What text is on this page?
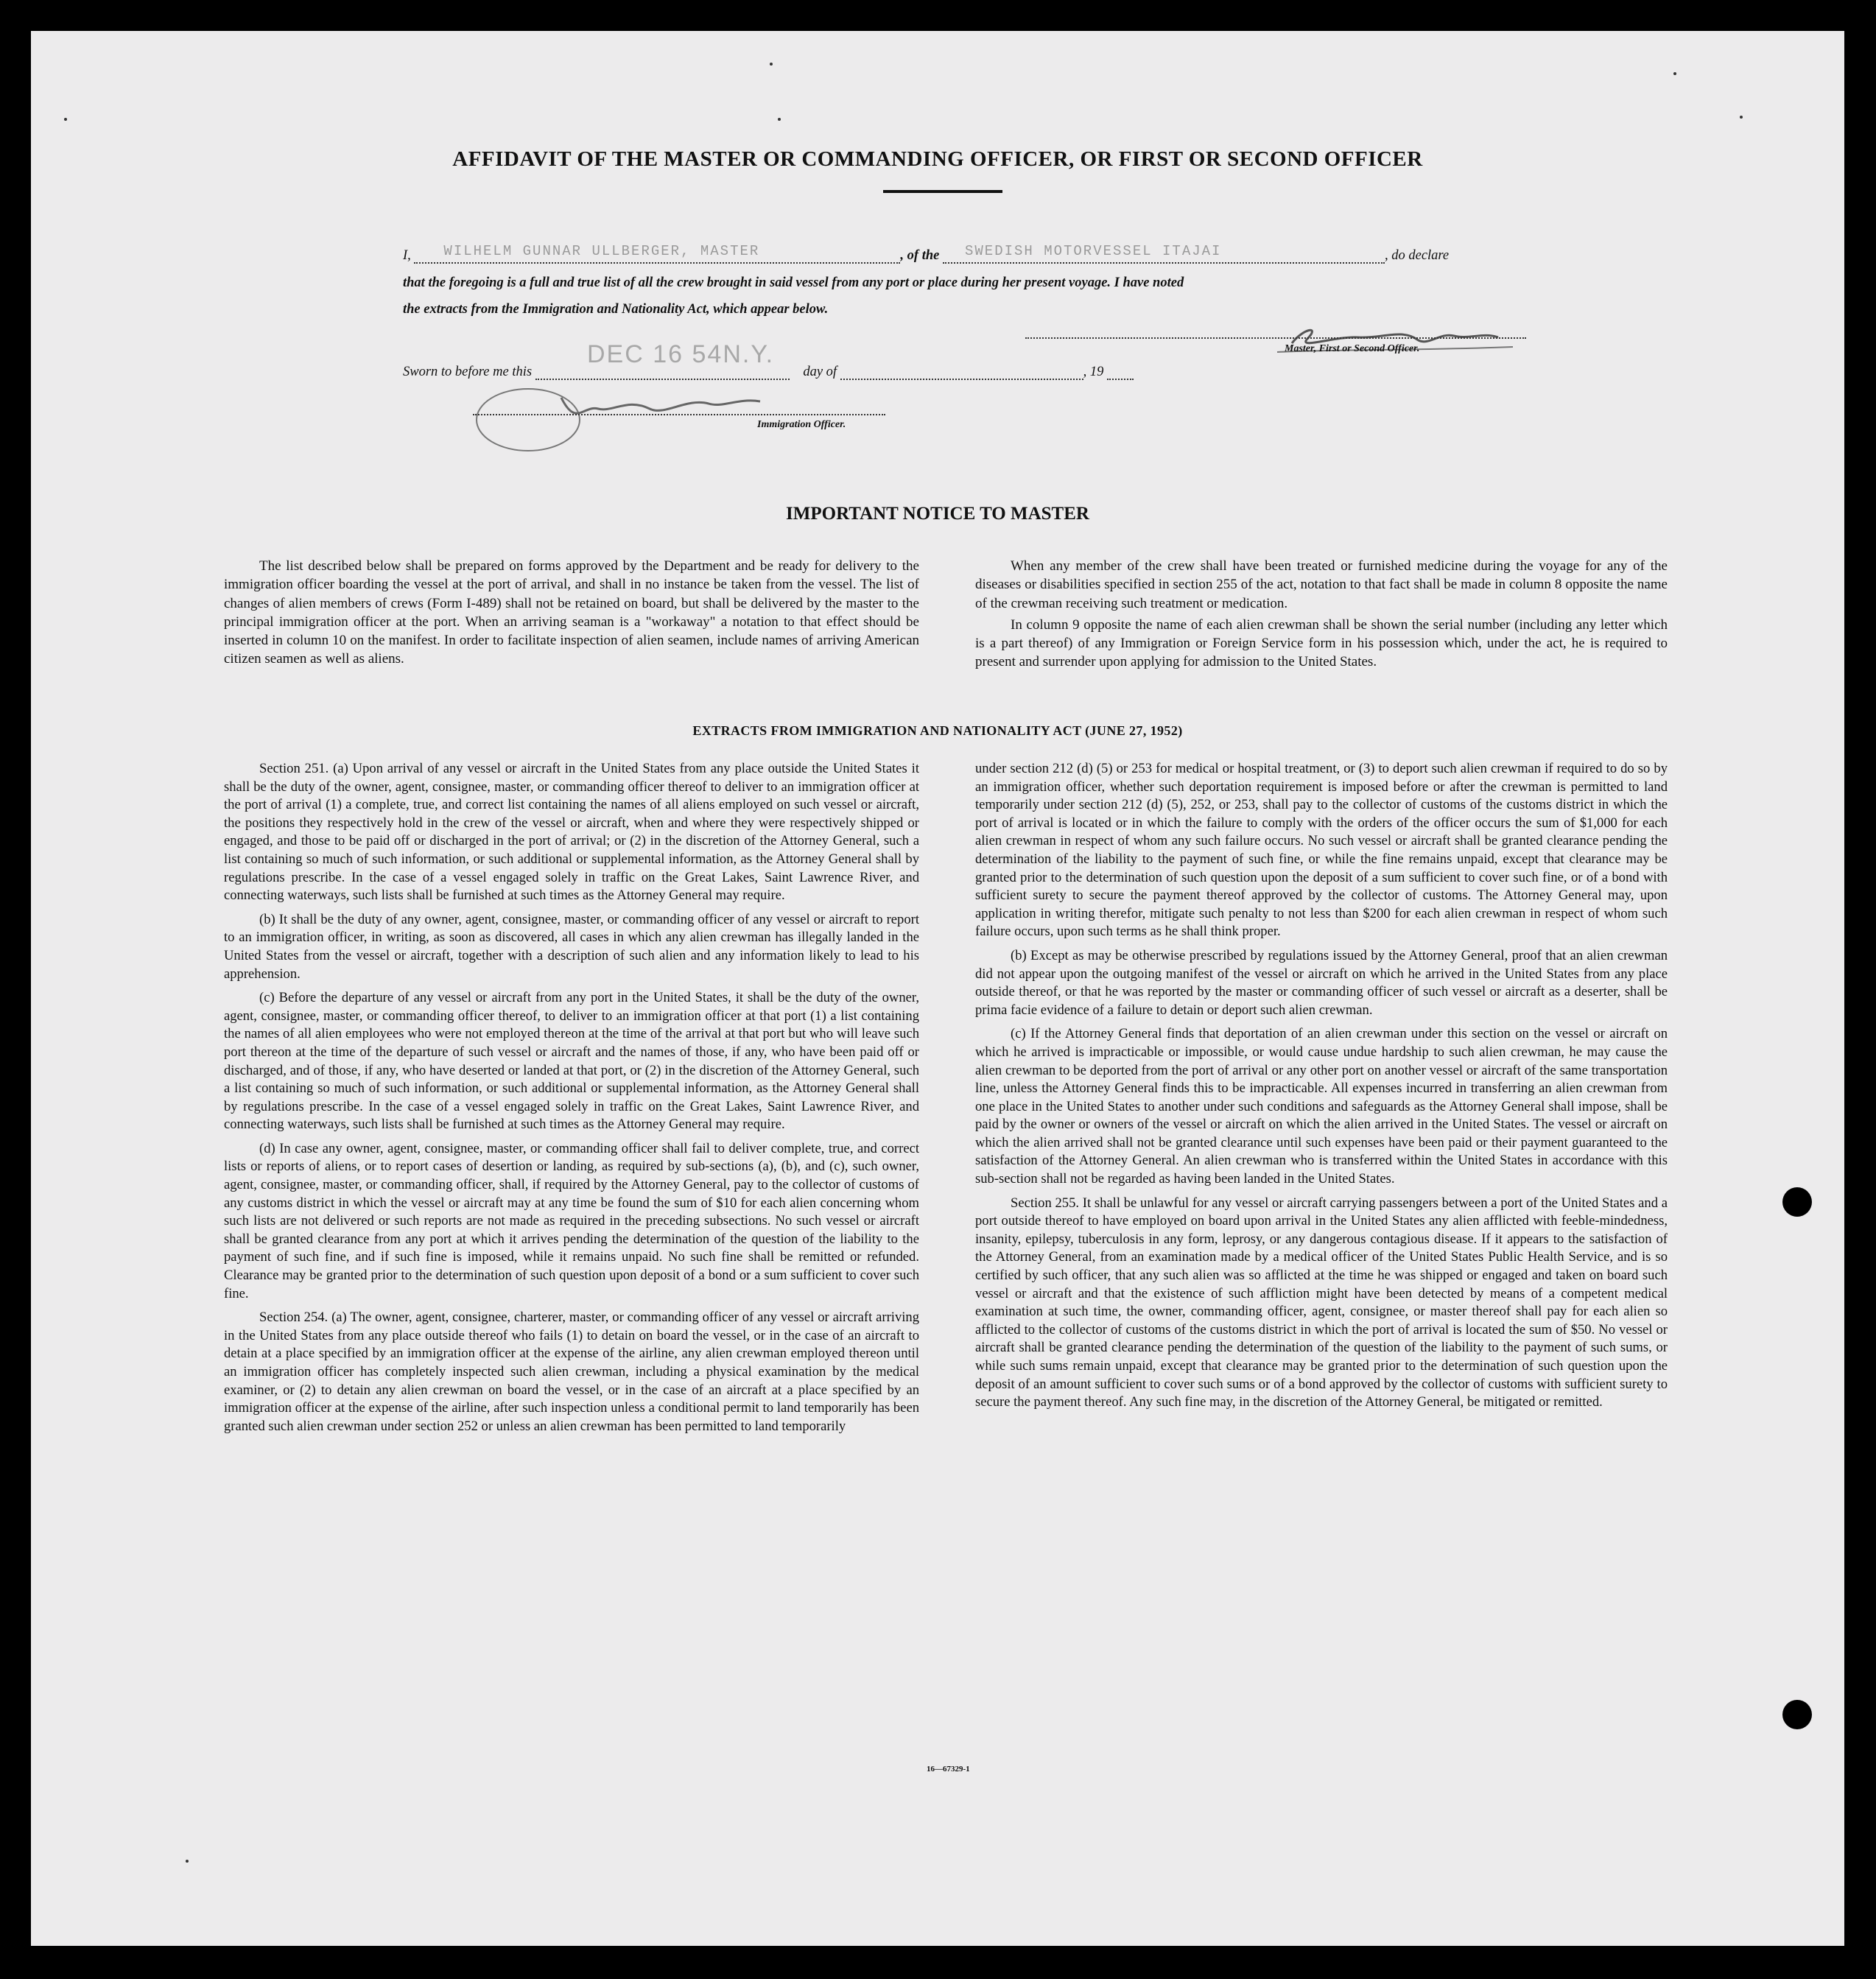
AFFIDAVIT OF THE MASTER OR COMMANDING OFFICER, OR FIRST OR SECOND OFFICER
I, WILHELM GUNNAR ULLBERGER, MASTER	, of the SWEDISH MOTORVESSEL ITAJAI	, do declare
that the foregoing is a full and true list of all the crew brought in said vessel from any port or place during her present voyage. I have noted
the extracts from the Immigration and Nationality Act, which appear below.
Master, First or Second Officer.
DEC 16 54N.Y.
Sworn to before me this	day of	, 19
Immigration Officer.
IMPORTANT NOTICE TO MASTER

The list described below shall be prepared on forms approved by the Department and be ready for delivery to the immigration officer boarding the vessel at the port of arrival, and shall in no instance be taken from the vessel. The list of changes of alien members of crews (Form I-489) shall not be retained on board, but shall be delivered by the master to the principal immigration officer at the port. When an arriving seaman is a "workaway" a notation to that effect should be inserted in column 10 on the manifest. In order to facilitate inspection of alien seamen, include names of arriving American citizen seamen as well as aliens.

When any member of the crew shall have been treated or furnished medicine during the voyage for any of the diseases or disabilities specified in section 255 of the act, notation to that fact shall be made in column 8 opposite the name of the crewman receiving such treatment or medication.

In column 9 opposite the name of each alien crewman shall be shown the serial number (including any letter which is a part thereof) of any Immigration or Foreign Service form in his possession which, under the act, he is required to present and surrender upon applying for admission to the United States.

EXTRACTS FROM IMMIGRATION AND NATIONALITY ACT (JUNE 27, 1952)

Section 251. (a) Upon arrival of any vessel or aircraft in the United States from any place outside the United States it shall be the duty of the owner, agent, consignee, master, or commanding officer thereof to deliver to an immigration officer at the port of arrival (1) a complete, true, and correct list containing the names of all aliens employed on such vessel or aircraft, the positions they respectively hold in the crew of the vessel or aircraft, when and where they were respectively shipped or engaged, and those to be paid off or discharged in the port of arrival; or (2) in the discretion of the Attorney General, such a list containing so much of such information, or such additional or supplemental information, as the Attorney General shall by regulations prescribe. In the case of a vessel engaged solely in traffic on the Great Lakes, Saint Lawrence River, and connecting waterways, such lists shall be furnished at such times as the Attorney General may require.

(b) It shall be the duty of any owner, agent, consignee, master, or commanding officer of any vessel or aircraft to report to an immigration officer, in writing, as soon as discovered, all cases in which any alien crewman has illegally landed in the United States from the vessel or aircraft, together with a description of such alien and any information likely to lead to his apprehension.

(c) Before the departure of any vessel or aircraft from any port in the United States, it shall be the duty of the owner, agent, consignee, master, or commanding officer thereof, to deliver to an immigration officer at that port (1) a list containing the names of all alien employees who were not employed thereon at the time of the arrival at that port but who will leave such port thereon at the time of the departure of such vessel or aircraft and the names of those, if any, who have been paid off or discharged, and of those, if any, who have deserted or landed at that port, or (2) in the discretion of the Attorney General, such a list containing so much of such information, or such additional or supplemental information, as the Attorney General shall by regulations prescribe. In the case of a vessel engaged solely in traffic on the Great Lakes, Saint Lawrence River, and connecting waterways, such lists shall be furnished at such times as the Attorney General may require.

(d) In case any owner, agent, consignee, master, or commanding officer shall fail to deliver complete, true, and correct lists or reports of aliens, or to report cases of desertion or landing, as required by sub-sections (a), (b), and (c), such owner, agent, consignee, master, or commanding officer, shall, if required by the Attorney General, pay to the collector of customs of any customs district in which the vessel or aircraft may at any time be found the sum of $10 for each alien concerning whom such lists are not delivered or such reports are not made as required in the preceding subsections. No such vessel or aircraft shall be granted clearance from any port at which it arrives pending the determination of the question of the liability to the payment of such fine, and if such fine is imposed, while it remains unpaid. No such fine shall be remitted or refunded. Clearance may be granted prior to the determination of such question upon deposit of a bond or a sum sufficient to cover such fine.

Section 254. (a) The owner, agent, consignee, charterer, master, or commanding officer of any vessel or aircraft arriving in the United States from any place outside thereof who fails (1) to detain on board the vessel, or in the case of an aircraft to detain at a place specified by an immigration officer at the expense of the airline, any alien crewman employed thereon until an immigration officer has completely inspected such alien crewman, including a physical examination by the medical examiner, or (2) to detain any alien crewman on board the vessel, or in the case of an aircraft at a place specified by an immigration officer at the expense of the airline, after such inspection unless a conditional permit to land temporarily has been granted such alien crewman under section 252 or unless an alien crewman has been permitted to land temporarily

under section 212 (d) (5) or 253 for medical or hospital treatment, or (3) to deport such alien crewman if required to do so by an immigration officer, whether such deportation requirement is imposed before or after the crewman is permitted to land temporarily under section 212 (d) (5), 252, or 253, shall pay to the collector of customs of the customs district in which the port of arrival is located or in which the failure to comply with the orders of the officer occurs the sum of $1,000 for each alien crewman in respect of whom any such failure occurs. No such vessel or aircraft shall be granted clearance pending the determination of the liability to the payment of such fine, or while the fine remains unpaid, except that clearance may be granted prior to the determination of such question upon the deposit of a sum sufficient to cover such fine, or of a bond with sufficient surety to secure the payment thereof approved by the collector of customs. The Attorney General may, upon application in writing therefor, mitigate such penalty to not less than $200 for each alien crewman in respect of whom such failure occurs, upon such terms as he shall think proper.

(b) Except as may be otherwise prescribed by regulations issued by the Attorney General, proof that an alien crewman did not appear upon the outgoing manifest of the vessel or aircraft on which he arrived in the United States from any place outside thereof, or that he was reported by the master or commanding officer of such vessel or aircraft as a deserter, shall be prima facie evidence of a failure to detain or deport such alien crewman.

(c) If the Attorney General finds that deportation of an alien crewman under this section on the vessel or aircraft on which he arrived is impracticable or impossible, or would cause undue hardship to such alien crewman, he may cause the alien crewman to be deported from the port of arrival or any other port on another vessel or aircraft of the same transportation line, unless the Attorney General finds this to be impracticable. All expenses incurred in transferring an alien crewman from one place in the United States to another under such conditions and safeguards as the Attorney General shall impose, shall be paid by the owner or owners of the vessel or aircraft on which the alien arrived in the United States. The vessel or aircraft on which the alien arrived shall not be granted clearance until such expenses have been paid or their payment guaranteed to the satisfaction of the Attorney General. An alien crewman who is transferred within the United States in accordance with this sub-section shall not be regarded as having been landed in the United States.

Section 255. It shall be unlawful for any vessel or aircraft carrying passengers between a port of the United States and a port outside thereof to have employed on board upon arrival in the United States any alien afflicted with feeble-mindedness, insanity, epilepsy, tuberculosis in any form, leprosy, or any dangerous contagious disease. If it appears to the satisfaction of the Attorney General, from an examination made by a medical officer of the United States Public Health Service, and is so certified by such officer, that any such alien was so afflicted at the time he was shipped or engaged and taken on board such vessel or aircraft and that the existence of such affliction might have been detected by means of a competent medical examination at such time, the owner, commanding officer, agent, consignee, or master thereof shall pay for each alien so afflicted to the collector of customs of the customs district in which the port of arrival is located the sum of $50. No vessel or aircraft shall be granted clearance pending the determination of the question of the liability to the payment of such sums, or while such sums remain unpaid, except that clearance may be granted prior to the determination of such question upon the deposit of an amount sufficient to cover such sums or of a bond approved by the collector of customs with sufficient surety to secure the payment thereof. Any such fine may, in the discretion of the Attorney General, be mitigated or remitted.

16—67329-1
